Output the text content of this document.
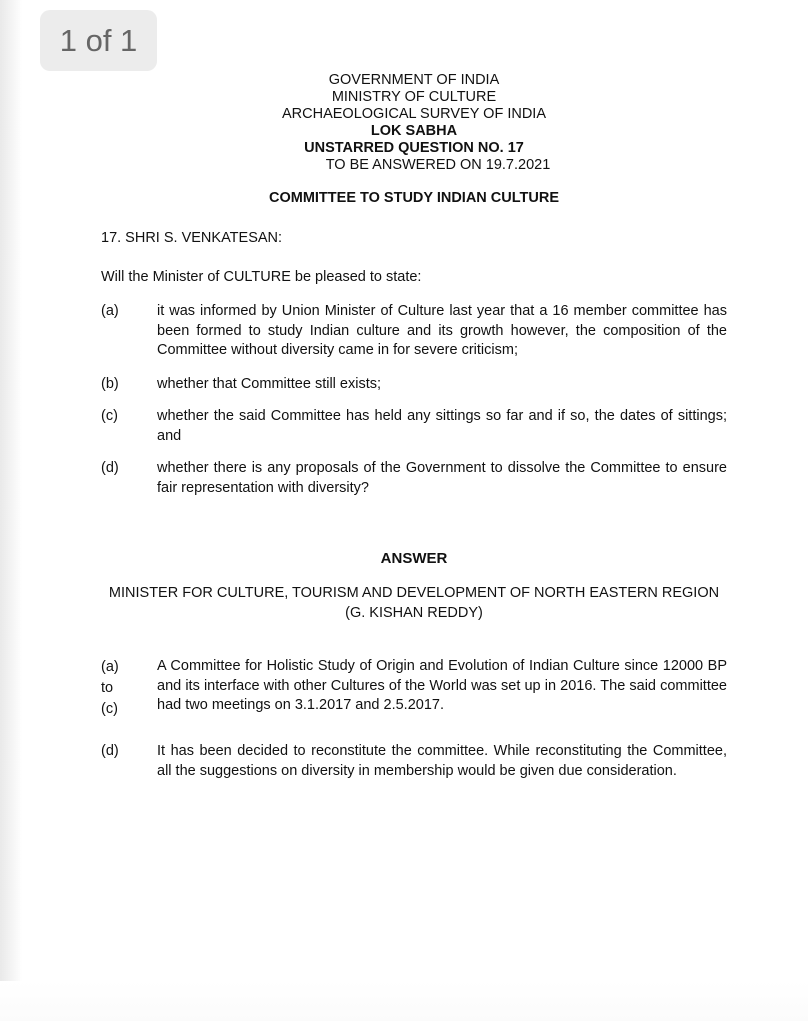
1 of 1
GOVERNMENT OF INDIA
MINISTRY OF CULTURE
ARCHAEOLOGICAL SURVEY OF INDIA
LOK SABHA
UNSTARRED QUESTION NO. 17
TO BE ANSWERED ON 19.7.2021
COMMITTEE TO STUDY INDIAN CULTURE
17. SHRI S. VENKATESAN:
Will the Minister of CULTURE be pleased to state:
(a)	it was informed by Union Minister of Culture last year that a 16 member committee has been formed to study Indian culture and its growth however, the composition of the Committee without diversity came in for severe criticism;
(b)	whether that Committee still exists;
(c)	whether the said Committee has held any sittings so far and if so, the dates of sittings; and
(d)	whether there is any proposals of the Government to dissolve the Committee to ensure fair representation with diversity?
ANSWER
MINISTER FOR CULTURE, TOURISM AND DEVELOPMENT OF NORTH EASTERN REGION
(G. KISHAN REDDY)
(a)
to
(c)
A Committee for Holistic Study of Origin and Evolution of Indian Culture since 12000 BP and its interface with other Cultures of the World was set up in 2016. The said committee had two meetings on 3.1.2017 and 2.5.2017.
(d)	It has been decided to reconstitute the committee. While reconstituting the Committee, all the suggestions on diversity in membership would be given due consideration.
